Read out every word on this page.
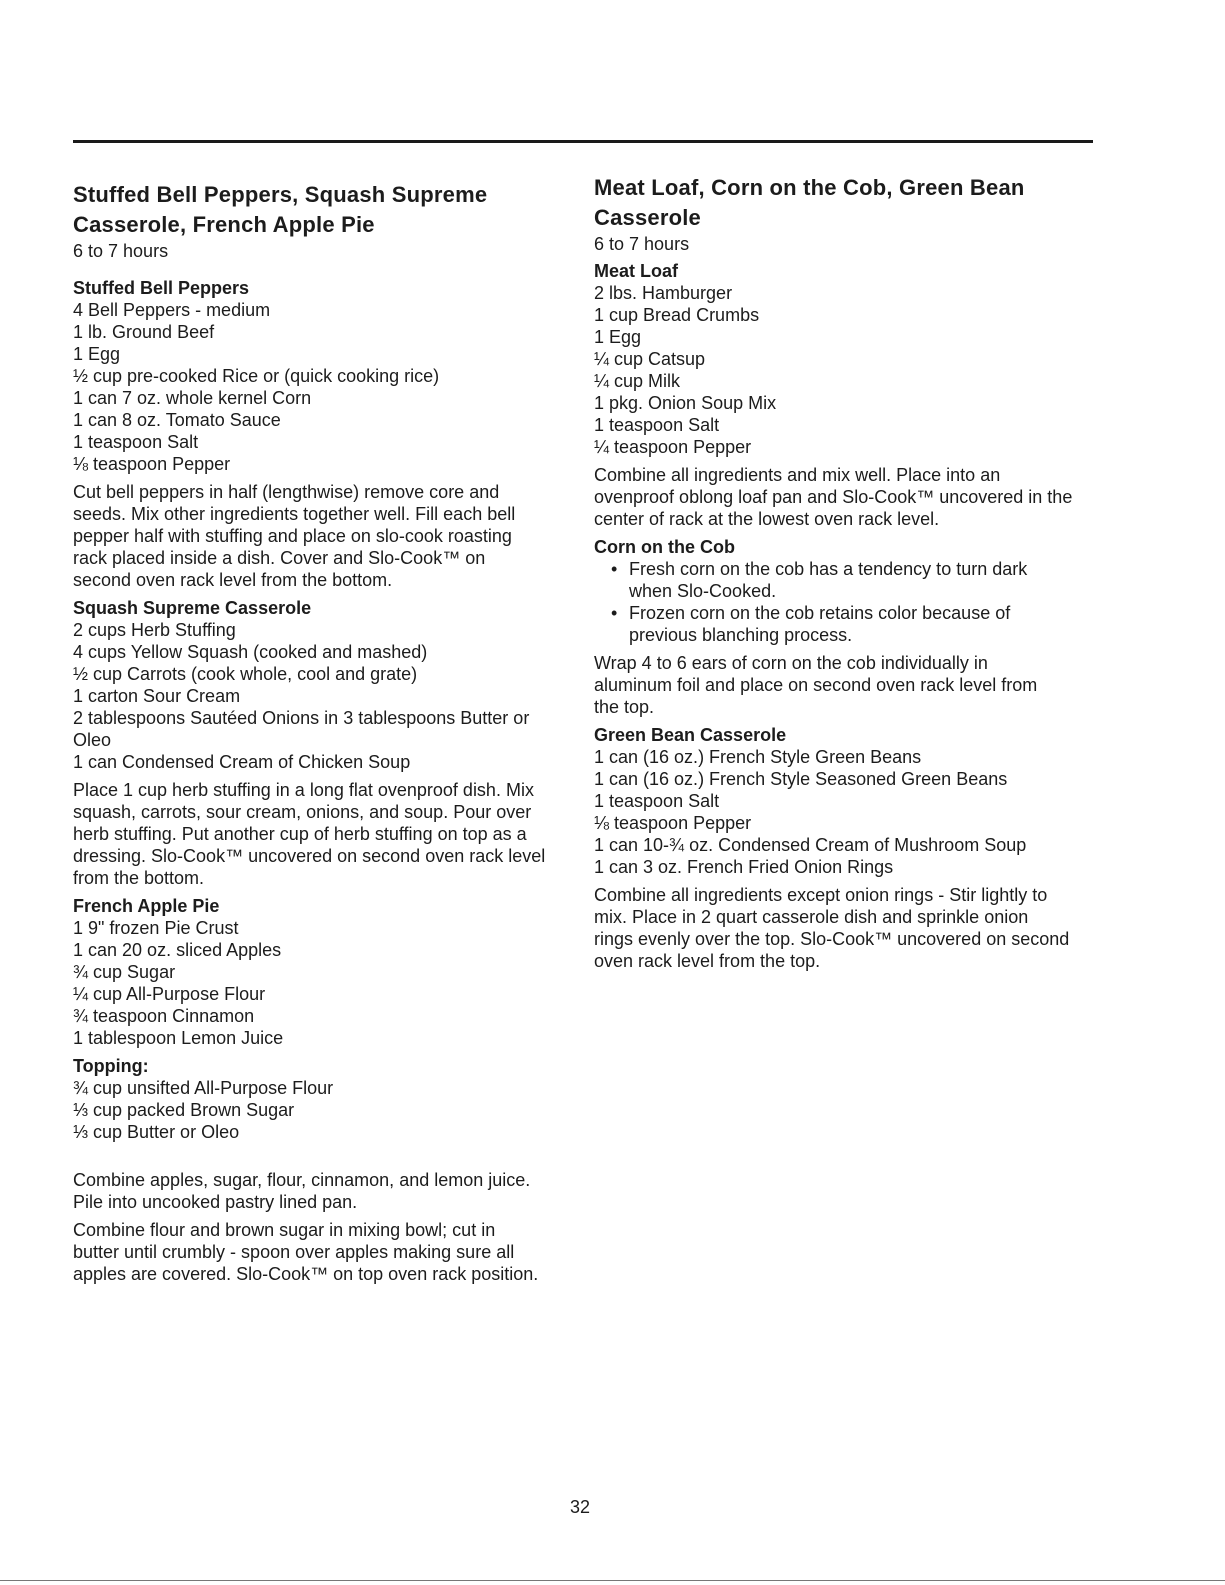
Stuffed Bell Peppers, Squash Supreme
Casserole, French Apple Pie

6 to 7 hours

Stuffed Bell Peppers

4 Bell Peppers - medium
1 lb. Ground Beef
1 Egg
½ cup pre-cooked Rice or (quick cooking rice)
1 can 7 oz. whole kernel Corn
1 can 8 oz. Tomato Sauce
1 teaspoon Salt
⅛ teaspoon Pepper
Cut bell peppers in half (lengthwise) remove core and
seeds. Mix other ingredients together well. Fill each bell
pepper half with stuffing and place on slo-cook roasting
rack placed inside a dish. Cover and Slo-Cook™ on
second oven rack level from the bottom.

Squash Supreme Casserole

2 cups Herb Stuffing
4 cups Yellow Squash (cooked and mashed)
½ cup Carrots (cook whole, cool and grate)
1 carton Sour Cream
2 tablespoons Sautéed Onions in 3 tablespoons Butter or
Oleo
1 can Condensed Cream of Chicken Soup
Place 1 cup herb stuffing in a long flat ovenproof dish. Mix
squash, carrots, sour cream, onions, and soup. Pour over
herb stuffing. Put another cup of herb stuffing on top as a
dressing. Slo-Cook™ uncovered on second oven rack level
from the bottom.

French Apple Pie

1 9" frozen Pie Crust
1 can 20 oz. sliced Apples
¾ cup Sugar
¼ cup All-Purpose Flour
¾ teaspoon Cinnamon
1 tablespoon Lemon Juice

Topping:

¾ cup unsifted All-Purpose Flour
⅓ cup packed Brown Sugar
⅓ cup Butter or Oleo
Combine apples, sugar, flour, cinnamon, and lemon juice.
Pile into uncooked pastry lined pan.
Combine flour and brown sugar in mixing bowl; cut in
butter until crumbly - spoon over apples making sure all
apples are covered. Slo-Cook™ on top oven rack position.
Meat Loaf, Corn on the Cob, Green Bean
Casserole

6 to 7 hours

Meat Loaf

2 lbs. Hamburger
1 cup Bread Crumbs
1 Egg
¼ cup Catsup
¼ cup Milk
1 pkg. Onion Soup Mix
1 teaspoon Salt
¼ teaspoon Pepper
Combine all ingredients and mix well. Place into an
ovenproof oblong loaf pan and Slo-Cook™ uncovered in the
center of rack at the lowest oven rack level.

Corn on the Cob

• Fresh corn on the cob has a tendency to turn dark
when Slo-Cooked.
• Frozen corn on the cob retains color because of
previous blanching process.
Wrap 4 to 6 ears of corn on the cob individually in
aluminum foil and place on second oven rack level from
the top.

Green Bean Casserole

1 can (16 oz.) French Style Green Beans
1 can (16 oz.) French Style Seasoned Green Beans
1 teaspoon Salt
⅛ teaspoon Pepper
1 can 10-¾ oz. Condensed Cream of Mushroom Soup
1 can 3 oz. French Fried Onion Rings
Combine all ingredients except onion rings - Stir lightly to
mix. Place in 2 quart casserole dish and sprinkle onion
rings evenly over the top. Slo-Cook™ uncovered on second
oven rack level from the top.
32
